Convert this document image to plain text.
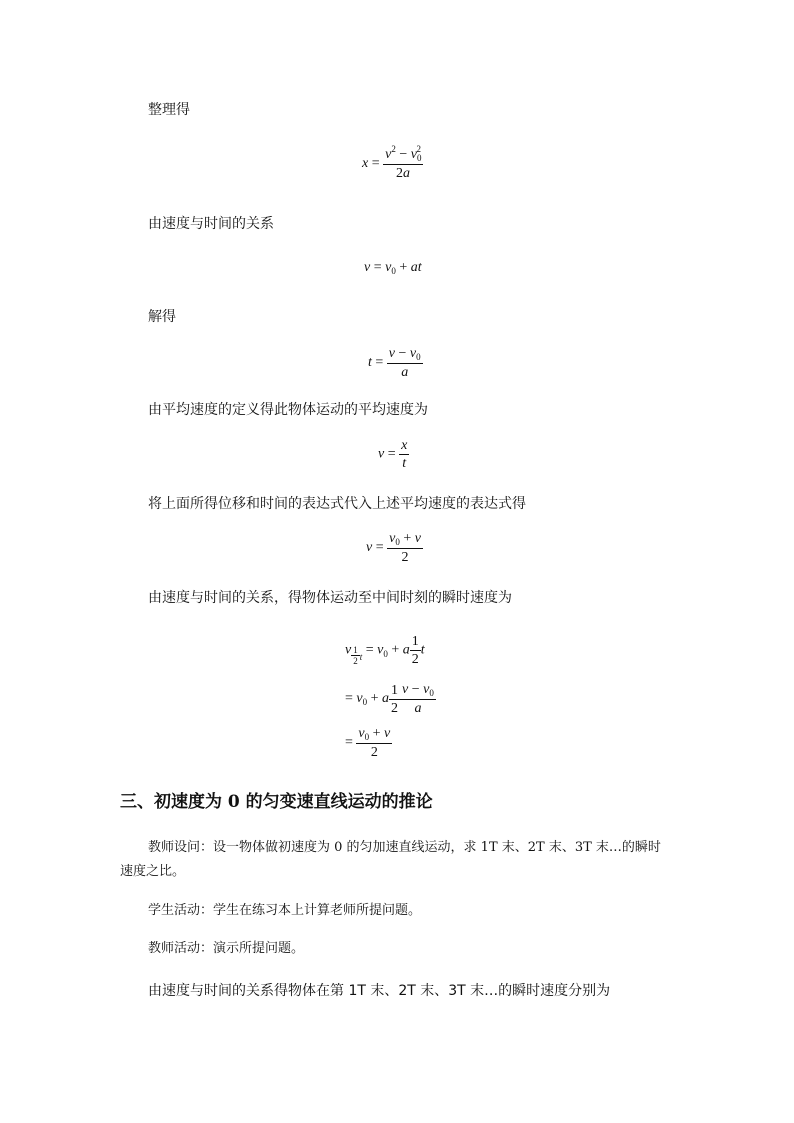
整理得
$x = \frac{v^2 - v_0^2}{2a}$
由速度与时间的关系
$v = v_0$ + at
解得
$t = \frac{v - v_0}{a}$
由平均速度的定义得此物体运动的平均速度为
$v = \frac{x}{t}$
将上面所得位移和时间的表达式代入上述平均速度的表达式得
$v = \frac{v_0 + v}{2}$
由速度与时间的关系，得物体运动至中间时刻的瞬时速度为
v $\frac{1}{2} _t = v_0 + a \frac{1}{2}$ t
= $v_0 + a \frac{1}{2} \frac{v - v_0}{a}$
= $\frac{v_0 + v}{2}$
三、初速度为 0 的匀变速直线运动的推论
教师设问：设一物体做初速度为 0 的匀加速直线运动，求 1T 末、2T 末、3T 末…的瞬时
速度之比。
学生活动：学生在练习本上计算老师所提问题。
教师活动：演示所提问题。
由速度与时间的关系得物体在第 1T 末、2T 末、3T 末…的瞬时速度分别为
